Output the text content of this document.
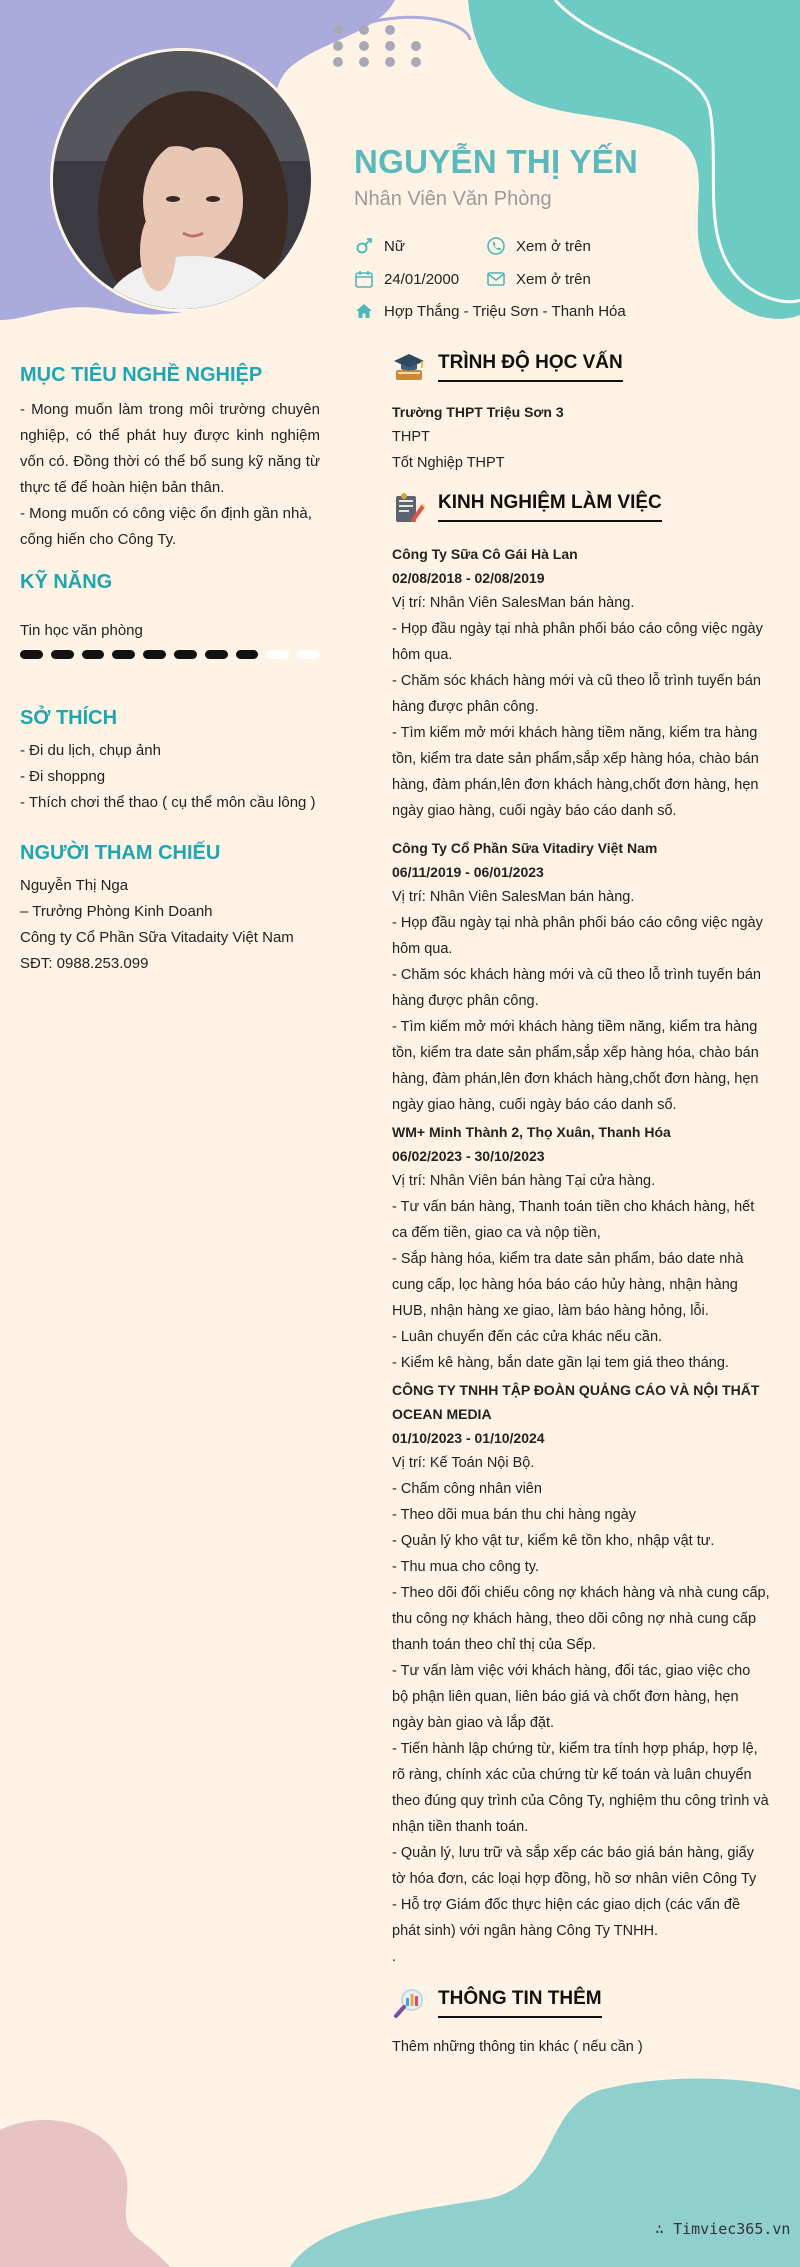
NGUYỄN THỊ YẾN
Nhân Viên Văn Phòng
Nữ	Xem ở trên
24/01/2000	Xem ở trên
Hợp Thắng - Triệu Sơn - Thanh Hóa
MỤC TIÊU NGHỀ NGHIỆP
- Mong muốn làm trong môi trường chuyên nghiệp, có thể phát huy được kinh nghiệm vốn có. Đồng thời có thể bổ sung kỹ năng từ thực tế để hoàn hiện bản thân.
- Mong muốn có công việc ổn định gần nhà, cống hiến cho Công Ty.
KỸ NĂNG
Tin học văn phòng
SỞ THÍCH
- Đi du lịch, chụp ảnh
- Đi shoppng
- Thích chơi thể thao ( cụ thể môn cầu lông )
NGƯỜI THAM CHIẾU
Nguyễn Thị Nga
– Trưởng Phòng Kinh Doanh
Công ty Cổ Phần Sữa Vitadaity Việt Nam
SĐT: 0988.253.099
TRÌNH ĐỘ HỌC VẤN
Trường THPT Triệu Sơn 3
THPT
Tốt Nghiệp THPT
KINH NGHIỆM LÀM VIỆC
Công Ty Sữa Cô Gái Hà Lan
02/08/2018 - 02/08/2019
Vị trí: Nhân Viên SalesMan bán hàng.
- Họp đầu ngày tại nhà phân phối báo cáo công việc ngày hôm qua.
- Chăm sóc khách hàng mới và cũ theo lỗ trình tuyến bán hàng được phân công.
- Tìm kiếm mở mới khách hàng tiềm năng, kiểm tra hàng tồn, kiểm tra date sản phẩm,sắp xếp hàng hóa, chào bán hàng, đàm phán,lên đơn khách hàng,chốt đơn hàng, hẹn ngày giao hàng, cuối ngày báo cáo danh số.
Công Ty Cổ Phần Sữa Vitadiry Việt Nam
06/11/2019 - 06/01/2023
Vị trí: Nhân Viên SalesMan bán hàng.
- Họp đầu ngày tại nhà phân phối báo cáo công việc ngày hôm qua.
- Chăm sóc khách hàng mới và cũ theo lỗ trình tuyến bán hàng được phân công.
- Tìm kiếm mở mới khách hàng tiềm năng, kiểm tra hàng tồn, kiểm tra date sản phẩm,sắp xếp hàng hóa, chào bán hàng, đàm phán,lên đơn khách hàng,chốt đơn hàng, hẹn ngày giao hàng, cuối ngày báo cáo danh số.
WM+ Minh Thành 2, Thọ Xuân, Thanh Hóa
06/02/2023 - 30/10/2023
Vị trí: Nhân Viên bán hàng Tại cửa hàng.
- Tư vấn bán hàng, Thanh toán tiền cho khách hàng, hết ca đếm tiền, giao ca và nộp tiền,
- Sắp hàng hóa, kiểm tra date sản phẩm, báo date nhà cung cấp, lọc hàng hóa báo cáo hủy hàng, nhận hàng HUB, nhận hàng xe giao, làm báo hàng hỏng, lỗi.
- Luân chuyển đến các cửa khác nếu cần.
- Kiểm kê hàng, bắn date gần lại tem giá theo tháng.
CÔNG TY TNHH TẬP ĐOÀN QUẢNG CÁO VÀ NỘI THẤT OCEAN MEDIA
01/10/2023 - 01/10/2024
Vị trí: Kế Toán Nội Bộ.
- Chấm công nhân viên
- Theo dõi mua bán thu chi hàng ngày
- Quản lý kho vật tư, kiểm kê tồn kho, nhập vật tư.
- Thu mua cho công ty.
- Theo dõi đối chiếu công nợ khách hàng và nhà cung cấp, thu công nợ khách hàng, theo dõi công nợ nhà cung cấp thanh toán theo chỉ thị của Sếp.
- Tư vấn làm việc với khách hàng, đối tác, giao việc cho bộ phận liên quan, liên báo giá và chốt đơn hàng, hẹn ngày bàn giao và lắp đặt.
- Tiến hành lập chứng từ, kiểm tra tính hợp pháp, hợp lệ, rõ ràng, chính xác của chứng từ kế toán và luân chuyển theo đúng quy trình của Công Ty, nghiệm thu công trình và nhận tiền thanh toán.
- Quản lý, lưu trữ và sắp xếp các báo giá bán hàng, giấy tờ hóa đơn, các loại hợp đồng, hồ sơ nhân viên Công Ty
- Hỗ trợ Giám đốc thực hiện các giao dịch (các vấn đề phát sinh) với ngân hàng Công Ty TNHH.
.
THÔNG TIN THÊM
Thêm những thông tin khác ( nếu cần )
∴ Timviec365.vn
